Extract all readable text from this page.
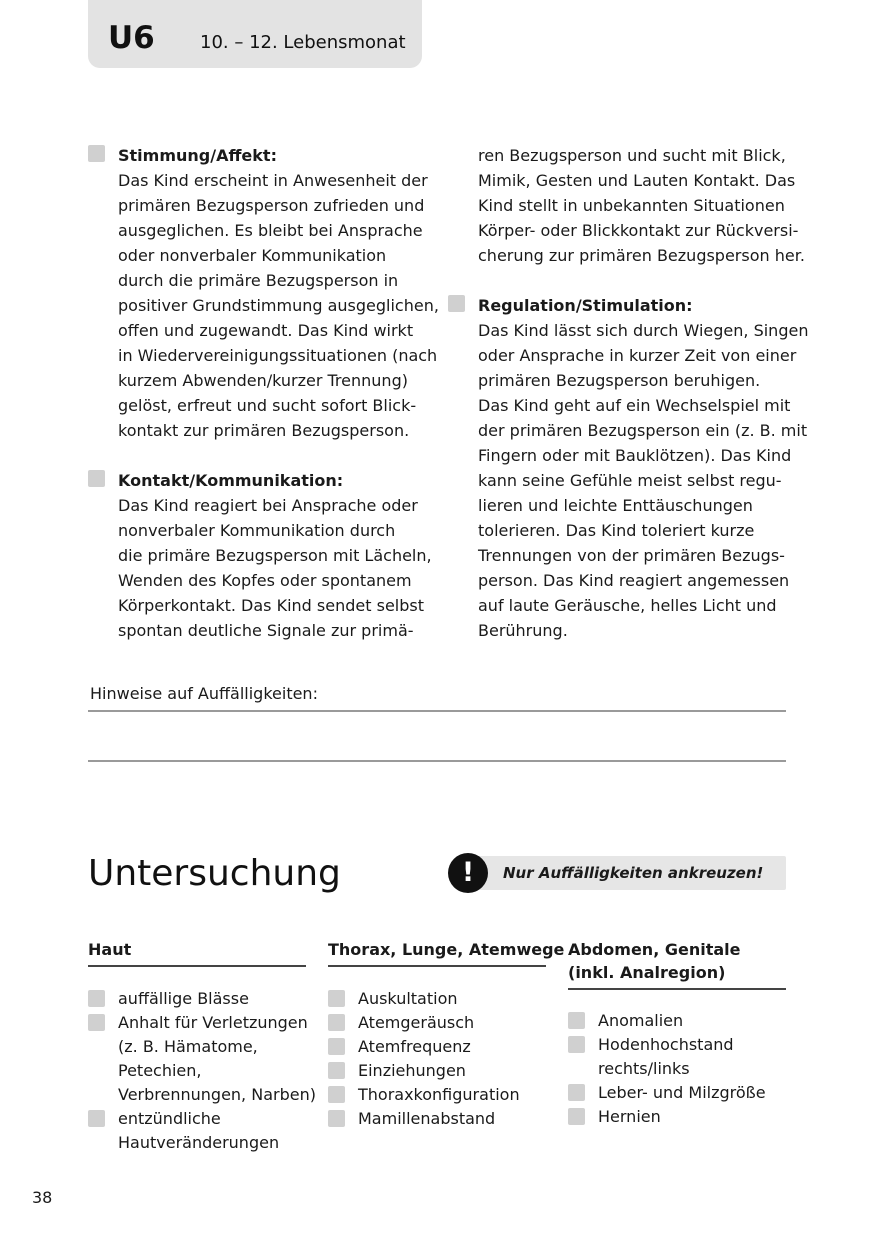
U6	10. – 12. Lebensmonat
Stimmung/Affekt:
Das Kind erscheint in Anwesenheit der
primären Bezugsperson zufrieden und
ausgeglichen. Es bleibt bei Ansprache
oder nonverbaler Kommunikation
durch die primäre Bezugsperson in
positiver Grundstimmung ausgeglichen,
offen und zugewandt. Das Kind wirkt
in Wiedervereinigungssituationen (nach
kurzem Abwenden/kurzer Trennung)
gelöst, erfreut und sucht sofort Blick-
kontakt zur primären Bezugsperson.
Kontakt/Kommunikation:
Das Kind reagiert bei Ansprache oder
nonverbaler Kommunikation durch
die primäre Bezugsperson mit Lächeln,
Wenden des Kopfes oder spontanem
Körperkontakt. Das Kind sendet selbst
spontan deutliche Signale zur primä-
ren Bezugsperson und sucht mit Blick,
Mimik, Gesten und Lauten Kontakt. Das
Kind stellt in unbekannten Situationen
Körper- oder Blickkontakt zur Rückversi-
cherung zur primären Bezugsperson her.
Regulation/Stimulation:
Das Kind lässt sich durch Wiegen, Singen
oder Ansprache in kurzer Zeit von einer
primären Bezugsperson beruhigen.
Das Kind geht auf ein Wechselspiel mit
der primären Bezugsperson ein (z. B. mit
Fingern oder mit Bauklötzen). Das Kind
kann seine Gefühle meist selbst regu-
lieren und leichte Enttäuschungen
tolerieren. Das Kind toleriert kurze
Trennungen von der primären Bezugs-
person. Das Kind reagiert angemessen
auf laute Geräusche, helles Licht und
Berührung.
Hinweise auf Auffälligkeiten:
Untersuchung	!	Nur Auffälligkeiten ankreuzen!
Haut
auffällige Blässe
Anhalt für Verletzungen
(z. B. Hämatome,
Petechien,
Verbrennungen, Narben)
entzündliche
Hautveränderungen
Thorax, Lunge, Atemwege
Auskultation
Atemgeräusch
Atemfrequenz
Einziehungen
Thoraxkonfiguration
Mamillenabstand
Abdomen, Genitale
(inkl. Analregion)
Anomalien
Hodenhochstand
rechts/links
Leber- und Milzgröße
Hernien
38
